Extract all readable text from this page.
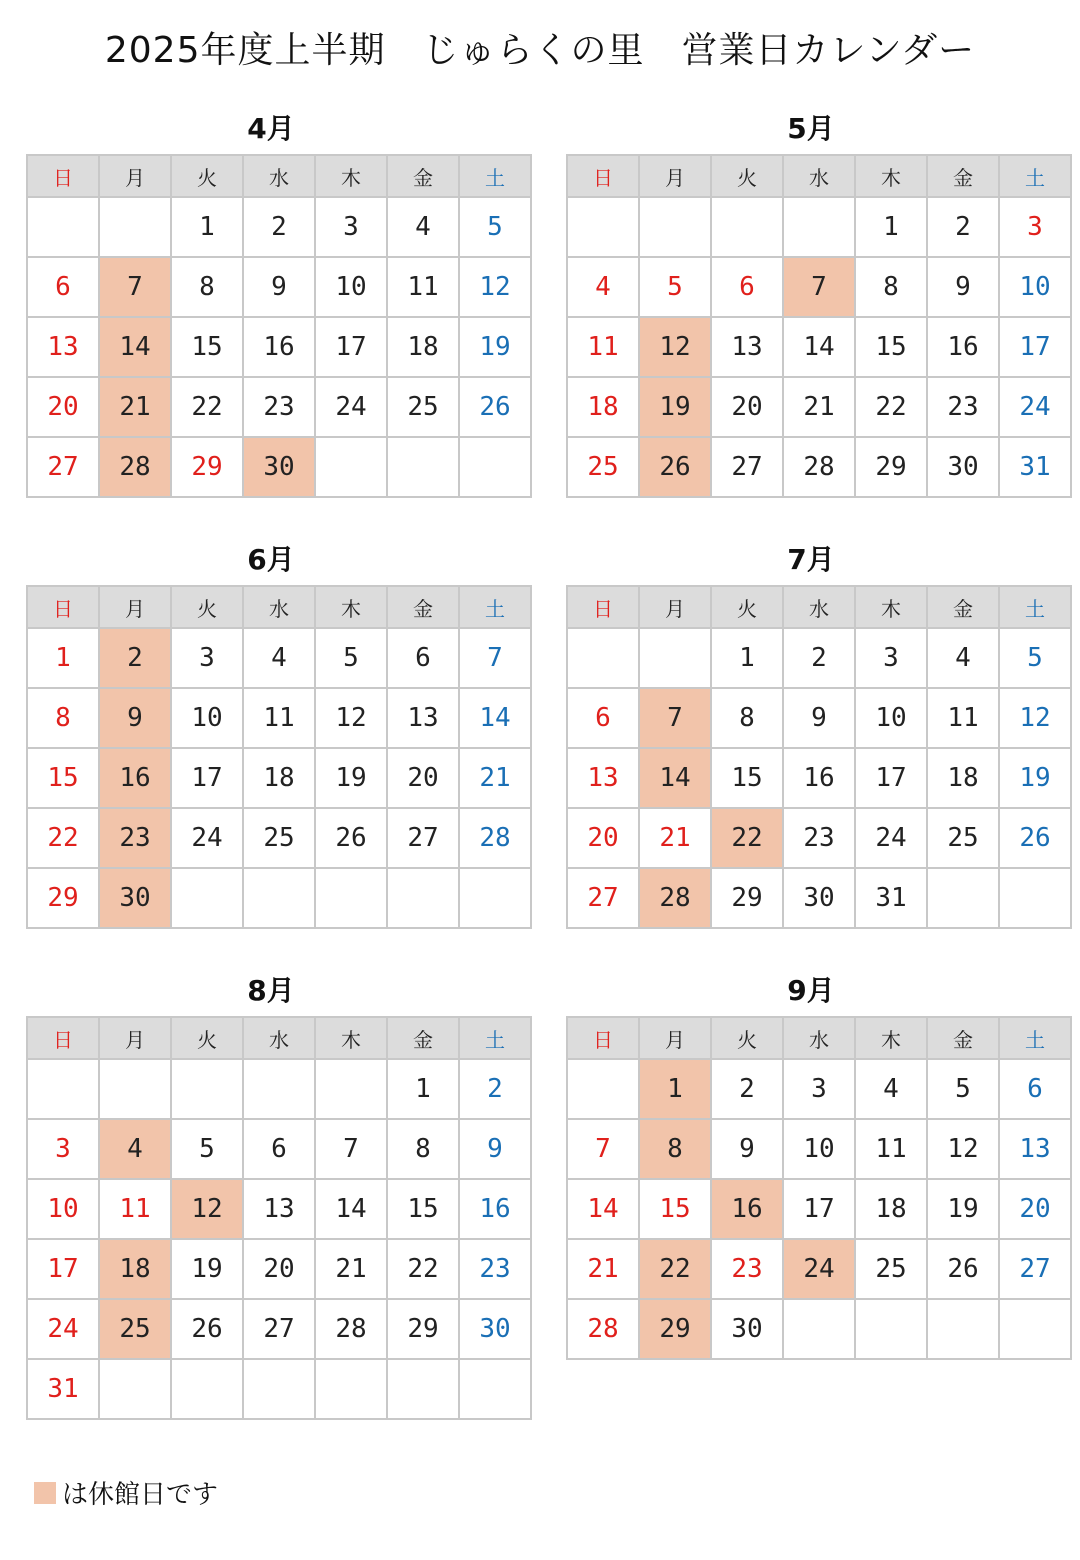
2025年度上半期　じゅらくの里　営業日カレンダー
4月
日	月	火	水	木	金	土
		1	2	3	4	5
6	7	8	9	10	11	12
13	14	15	16	17	18	19
20	21	22	23	24	25	26
27	28	29	30			
5月
日	月	火	水	木	金	土
				1	2	3
4	5	6	7	8	9	10
11	12	13	14	15	16	17
18	19	20	21	22	23	24
25	26	27	28	29	30	31
6月
日	月	火	水	木	金	土
1	2	3	4	5	6	7
8	9	10	11	12	13	14
15	16	17	18	19	20	21
22	23	24	25	26	27	28
29	30					
7月
日	月	火	水	木	金	土
		1	2	3	4	5
6	7	8	9	10	11	12
13	14	15	16	17	18	19
20	21	22	23	24	25	26
27	28	29	30	31		
8月
日	月	火	水	木	金	土
					1	2
3	4	5	6	7	8	9
10	11	12	13	14	15	16
17	18	19	20	21	22	23
24	25	26	27	28	29	30
31						
9月
日	月	火	水	木	金	土
	1	2	3	4	5	6
7	8	9	10	11	12	13
14	15	16	17	18	19	20
21	22	23	24	25	26	27
28	29	30				
は休館日です
